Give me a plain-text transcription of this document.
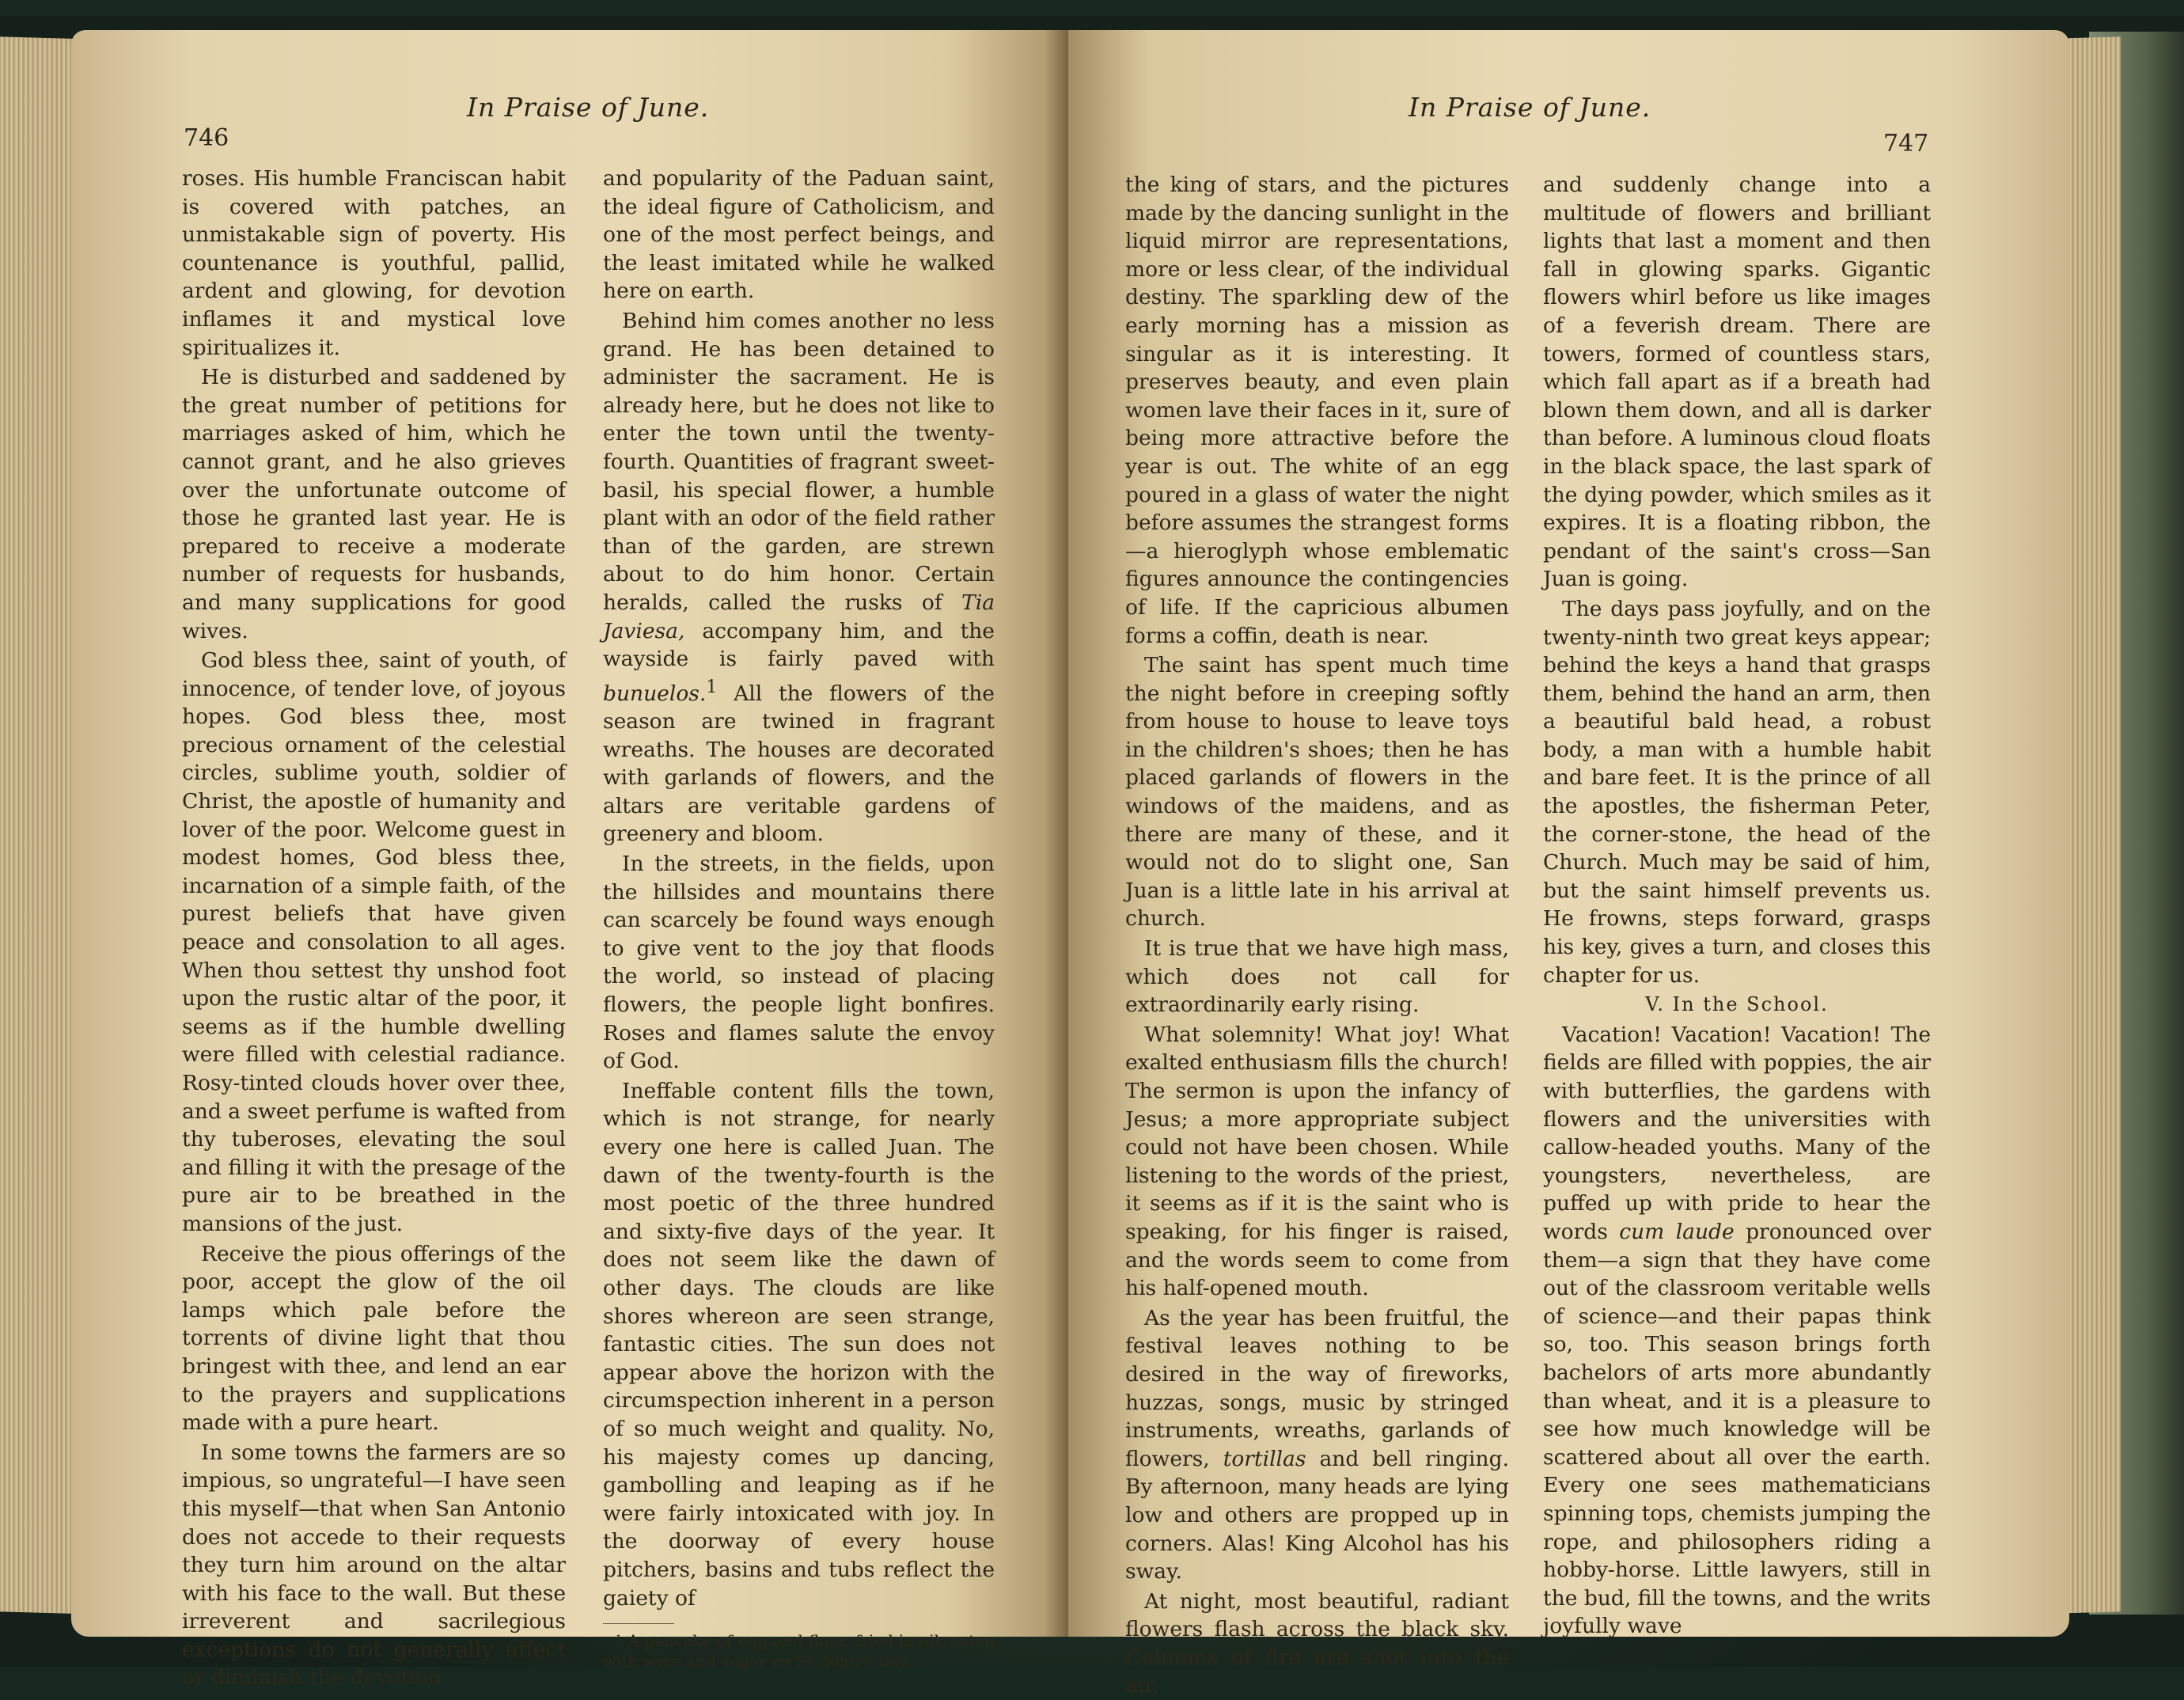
746
In Praise of June.

roses. His humble Franciscan habit is covered with patches, an unmistakable sign of poverty. His countenance is youthful, pallid, ardent and glowing, for devotion inflames it and mystical love spiritualizes it.

He is disturbed and saddened by the great number of petitions for marriages asked of him, which he cannot grant, and he also grieves over the unfortunate outcome of those he granted last year. He is prepared to receive a moderate number of requests for husbands, and many supplications for good wives.

God bless thee, saint of youth, of innocence, of tender love, of joyous hopes. God bless thee, most precious ornament of the celestial circles, sublime youth, soldier of Christ, the apostle of humanity and lover of the poor. Welcome guest in modest homes, God bless thee, incarnation of a simple faith, of the purest beliefs that have given peace and consolation to all ages. When thou settest thy unshod foot upon the rustic altar of the poor, it seems as if the humble dwelling were filled with celestial radiance. Rosy-tinted clouds hover over thee, and a sweet perfume is wafted from thy tuberoses, elevating the soul and filling it with the presage of the pure air to be breathed in the mansions of the just.

Receive the pious offerings of the poor, accept the glow of the oil lamps which pale before the torrents of divine light that thou bringest with thee, and lend an ear to the prayers and supplications made with a pure heart.

In some towns the farmers are so impious, so ungrateful—I have seen this myself—that when San Antonio does not accede to their requests they turn him around on the altar with his face to the wall. But these irreverent and sacrilegious exceptions do not generally affect or diminish the devotion

and popularity of the Paduan saint, the ideal figure of Catholicism, and one of the most perfect beings, and the least imitated while he walked here on earth.

Behind him comes another no less grand. He has been detained to administer the sacrament. He is already here, but he does not like to enter the town until the twenty-fourth. Quantities of fragrant sweet-basil, his special flower, a humble plant with an odor of the field rather than of the garden, are strewn about to do him honor. Certain heralds, called the rusks of Tia Javiesa, accompany him, and the wayside is fairly paved with bunuelos.$^1$ All the flowers of the season are twined in fragrant wreaths. The houses are decorated with garlands of flowers, and the altars are veritable gardens of greenery and bloom.

In the streets, in the fields, upon the hillsides and mountains there can scarcely be found ways enough to give vent to the joy that floods the world, so instead of placing flowers, the people light bonfires. Roses and flames salute the envoy of God.

Ineffable content fills the town, which is not strange, for nearly every one here is called Juan. The dawn of the twenty-fourth is the most poetic of the three hundred and sixty-five days of the year. It does not seem like the dawn of other days. The clouds are like shores whereon are seen strange, fantastic cities. The sun does not appear above the horizon with the circumspection inherent in a person of so much weight and quality. No, his majesty comes up dancing, gambolling and leaping as if he were fairly intoxicated with joy. In the doorway of every house pitchers, basins and tubs reflect the gaiety of

¹ A pancake of egg and flour, fried in oil, eaten with wine and sugar on St. John's Day.
In Praise of June.
747

the king of stars, and the pictures made by the dancing sunlight in the liquid mirror are representations, more or less clear, of the individual destiny. The sparkling dew of the early morning has a mission as singular as it is interesting. It preserves beauty, and even plain women lave their faces in it, sure of being more attractive before the year is out. The white of an egg poured in a glass of water the night before assumes the strangest forms—a hieroglyph whose emblematic figures announce the contingencies of life. If the capricious albumen forms a coffin, death is near.

The saint has spent much time the night before in creeping softly from house to house to leave toys in the children's shoes; then he has placed garlands of flowers in the windows of the maidens, and as there are many of these, and it would not do to slight one, San Juan is a little late in his arrival at church.

It is true that we have high mass, which does not call for extraordinarily early rising.

What solemnity! What joy! What exalted enthusiasm fills the church! The sermon is upon the infancy of Jesus; a more appropriate subject could not have been chosen. While listening to the words of the priest, it seems as if it is the saint who is speaking, for his finger is raised, and the words seem to come from his half-opened mouth.

As the year has been fruitful, the festival leaves nothing to be desired in the way of fireworks, huzzas, songs, music by stringed instruments, wreaths, garlands of flowers, tortillas and bell ringing. By afternoon, many heads are lying low and others are propped up in corners. Alas! King Alcohol has his sway.

At night, most beautiful, radiant flowers flash across the black sky. Columns of fire are shot into the air,

and suddenly change into a multitude of flowers and brilliant lights that last a moment and then fall in glowing sparks. Gigantic flowers whirl before us like images of a feverish dream. There are towers, formed of countless stars, which fall apart as if a breath had blown them down, and all is darker than before. A luminous cloud floats in the black space, the last spark of the dying powder, which smiles as it expires. It is a floating ribbon, the pendant of the saint's cross—San Juan is going.

The days pass joyfully, and on the twenty-ninth two great keys appear; behind the keys a hand that grasps them, behind the hand an arm, then a beautiful bald head, a robust body, a man with a humble habit and bare feet. It is the prince of all the apostles, the fisherman Peter, the corner-stone, the head of the Church. Much may be said of him, but the saint himself prevents us. He frowns, steps forward, grasps his key, gives a turn, and closes this chapter for us.

V. In the School.

Vacation! Vacation! Vacation! The fields are filled with poppies, the air with butterflies, the gardens with flowers and the universities with callow-headed youths. Many of the youngsters, nevertheless, are puffed up with pride to hear the words cum laude pronounced over them—a sign that they have come out of the classroom veritable wells of science—and their papas think so, too. This season brings forth bachelors of arts more abundantly than wheat, and it is a pleasure to see how much knowledge will be scattered about all over the earth. Every one sees mathematicians spinning tops, chemists jumping the rope, and philosophers riding a hobby-horse. Little lawyers, still in the bud, fill the towns, and the writs joyfully wave
